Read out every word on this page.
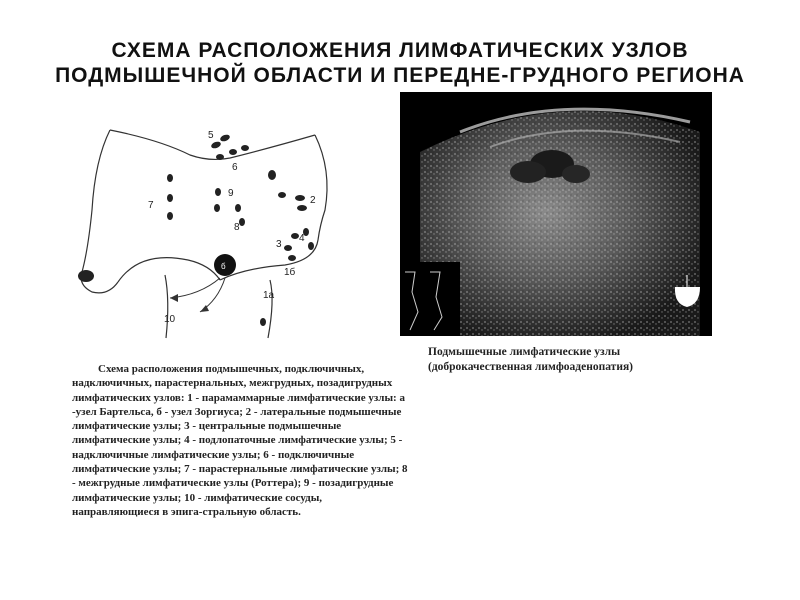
СХЕМА РАСПОЛОЖЕНИЯ ЛИМФАТИЧЕСКИХ УЗЛОВ
ПОДМЫШЕЧНОЙ ОБЛАСТИ И ПЕРЕДНЕ-ГРУДНОГО РЕГИОНА
б
5
6
7
9
8
2
3
4
1б
1а
10
Подмышечные лимфатические узлы
(доброкачественная лимфоаденопатия)
Схема расположения подмышечных, подключичных, надключичных, парастернальных, межгрудных, позадигрудных лимфатических узлов: 1 - парамаммарные лимфатические узлы: а -узел Бартельса, б - узел Зоргиуса; 2 - латеральные подмышечные лимфатические узлы; 3 - центральные подмышечные лимфатические узлы; 4 - подлопаточные лимфатические узлы; 5 - надключичные лимфатические узлы; 6 - подключичные лимфатические узлы; 7 - парастернальные лимфатические узлы; 8 - межгрудные лимфатические узлы (Роттера); 9 - позадигрудные лимфатические узлы; 10 - лимфатические сосуды, направляющиеся в эпига-стральную область.
